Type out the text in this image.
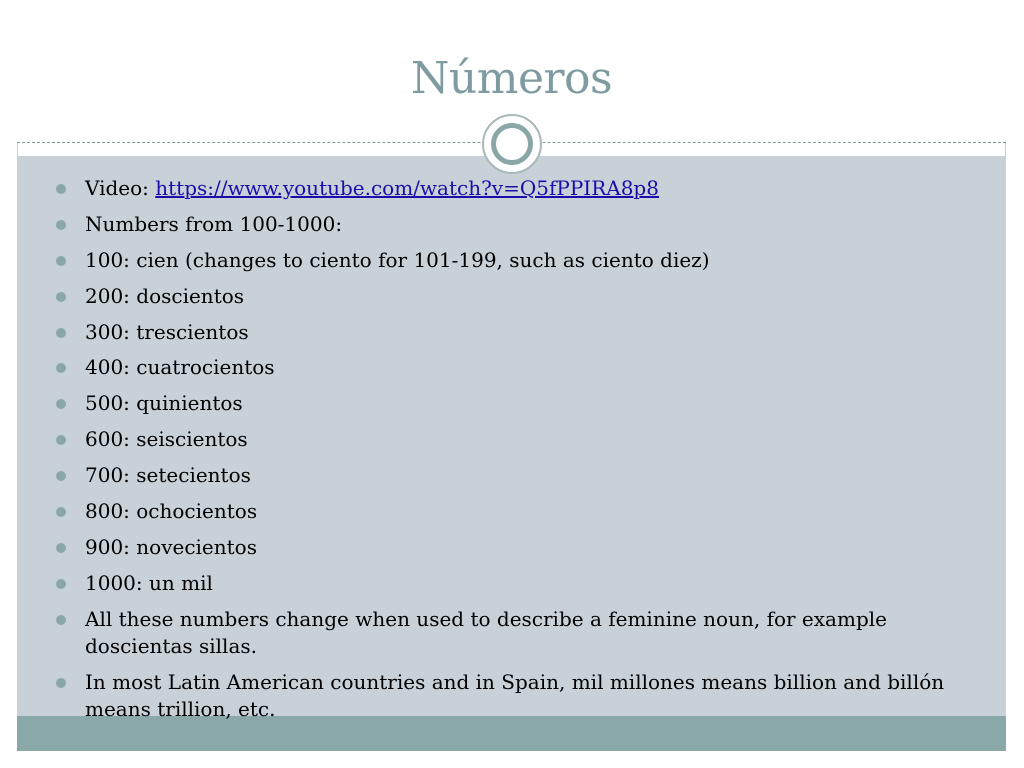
Números
Video: https://www.youtube.com/watch?v=Q5fPPIRA8p8
Numbers from 100-1000:
100: cien (changes to ciento for 101-199, such as ciento diez)
200: doscientos
300: trescientos
400: cuatrocientos
500: quinientos
600: seiscientos
700: setecientos
800: ochocientos
900: novecientos
1000: un mil
All these numbers change when used to describe a feminine noun, for example doscientas sillas.
In most Latin American countries and in Spain, mil millones means billion and billón means trillion, etc.
